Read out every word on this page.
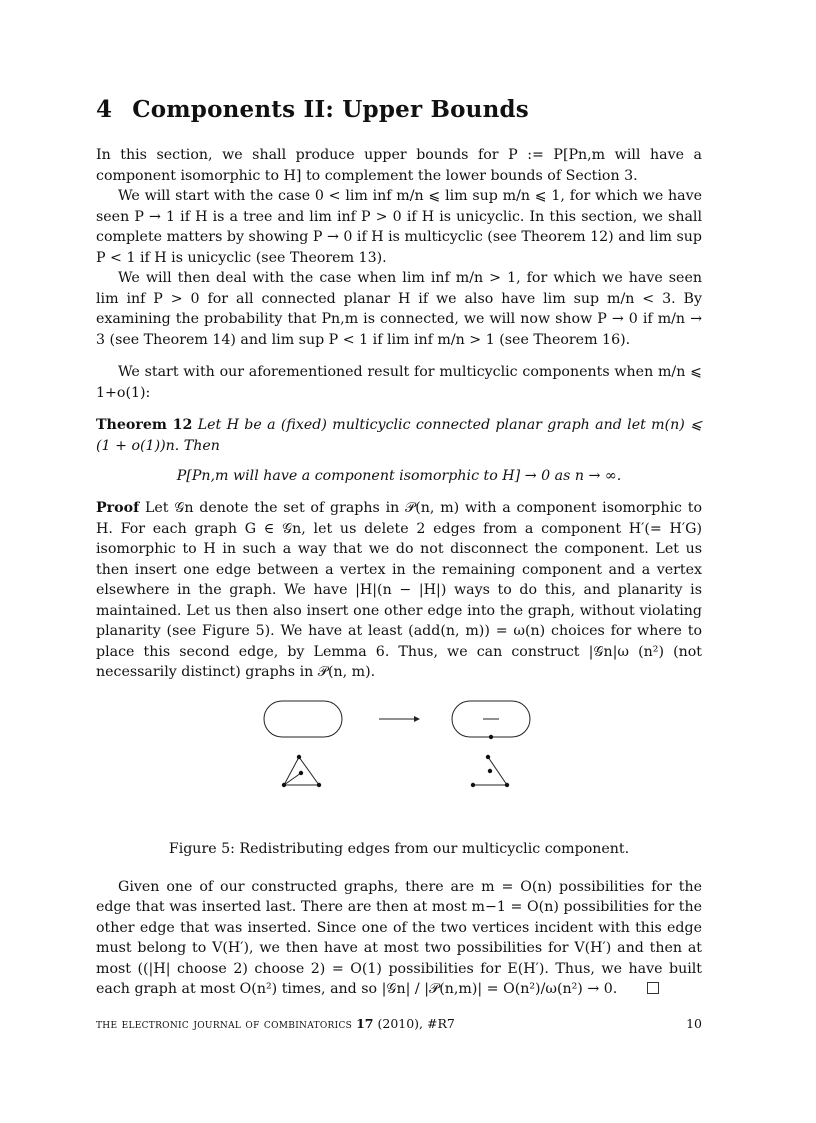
4 Components II: Upper Bounds

In this section, we shall produce upper bounds for P := P[Pn,m will have a component isomorphic to H] to complement the lower bounds of Section 3.

We will start with the case 0 < lim inf m/n ⩽ lim sup m/n ⩽ 1, for which we have seen P → 1 if H is a tree and lim inf P > 0 if H is unicyclic. In this section, we shall complete matters by showing P → 0 if H is multicyclic (see Theorem 12) and lim sup P < 1 if H is unicyclic (see Theorem 13).

We will then deal with the case when lim inf m/n > 1, for which we have seen lim inf P > 0 for all connected planar H if we also have lim sup m/n < 3. By examining the probability that Pn,m is connected, we will now show P → 0 if m/n → 3 (see Theorem 14) and lim sup P < 1 if lim inf m/n > 1 (see Theorem 16).

We start with our aforementioned result for multicyclic components when m/n ⩽ 1+o(1):

Theorem 12 Let H be a (fixed) multicyclic connected planar graph and let m(n) ⩽ (1 + o(1))n. Then

P[Pn,m will have a component isomorphic to H] → 0 as n → ∞.

Proof Let 𝒢n denote the set of graphs in 𝒫(n, m) with a component isomorphic to H. For each graph G ∈ 𝒢n, let us delete 2 edges from a component H′(= H′G) isomorphic to H in such a way that we do not disconnect the component. Let us then insert one edge between a vertex in the remaining component and a vertex elsewhere in the graph. We have |H|(n − |H|) ways to do this, and planarity is maintained. Let us then also insert one other edge into the graph, without violating planarity (see Figure 5). We have at least (add(n, m)) = ω(n) choices for where to place this second edge, by Lemma 6. Thus, we can construct |𝒢n|ω (n²) (not necessarily distinct) graphs in 𝒫(n, m).

Figure 5: Redistributing edges from our multicyclic component.

Given one of our constructed graphs, there are m = O(n) possibilities for the edge that was inserted last. There are then at most m−1 = O(n) possibilities for the other edge that was inserted. Since one of the two vertices incident with this edge must belong to V(H′), we then have at most two possibilities for V(H′) and then at most ((|H| choose 2) choose 2) = O(1) possibilities for E(H′). Thus, we have built each graph at most O(n²) times, and so |𝒢n| / |𝒫(n,m)| = O(n²)/ω(n²) → 0.

the electronic journal of combinatorics 17 (2010), #R7	10
